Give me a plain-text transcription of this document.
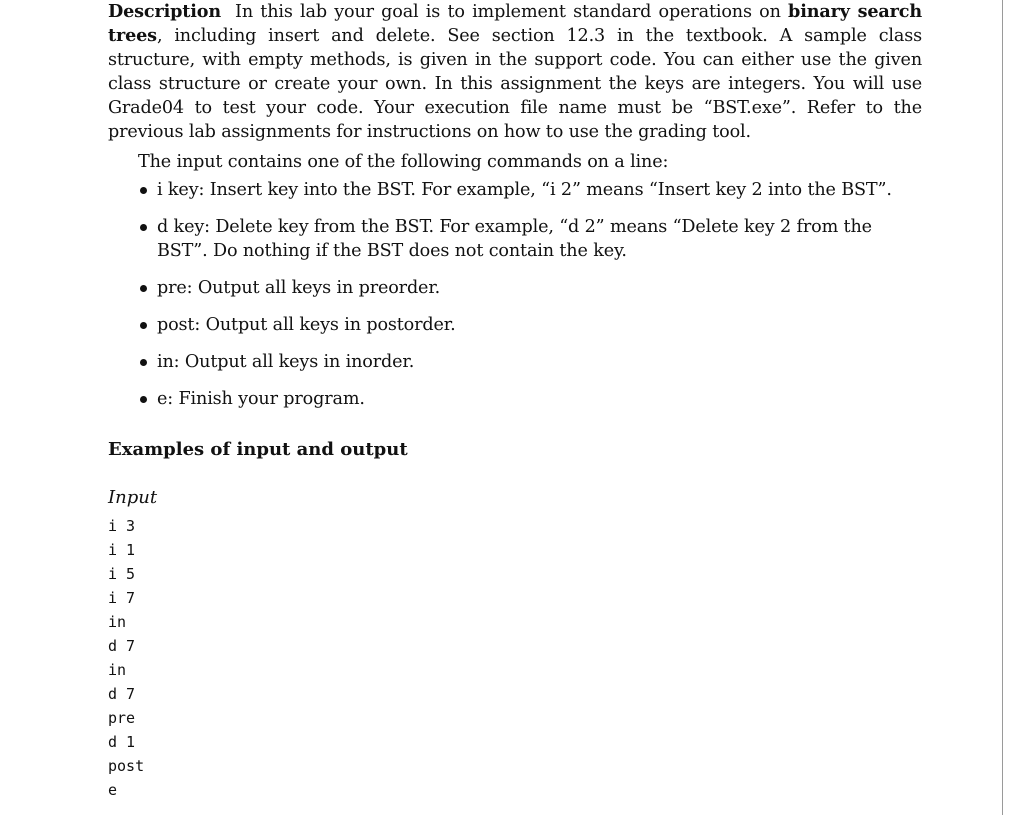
Description In this lab your goal is to implement standard operations on binary search trees, including insert and delete. See section 12.3 in the textbook. A sample class structure, with empty methods, is given in the support code. You can either use the given class structure or create your own. In this assignment the keys are integers. You will use Grade04 to test your code. Your execution file name must be “BST.exe”. Refer to the previous lab assignments for instructions on how to use the grading tool.

The input contains one of the following commands on a line:

i key: Insert key into the BST. For example, “i 2” means “Insert key 2 into the BST”.
d key: Delete key from the BST. For example, “d 2” means “Delete key 2 from the BST”. Do nothing if the BST does not contain the key.
pre: Output all keys in preorder.
post: Output all keys in postorder.
in: Output all keys in inorder.
e: Finish your program.
Examples of input and output
Input
i 3
i 1
i 5
i 7
in
d 7
in
d 7
pre
d 1
post
e
